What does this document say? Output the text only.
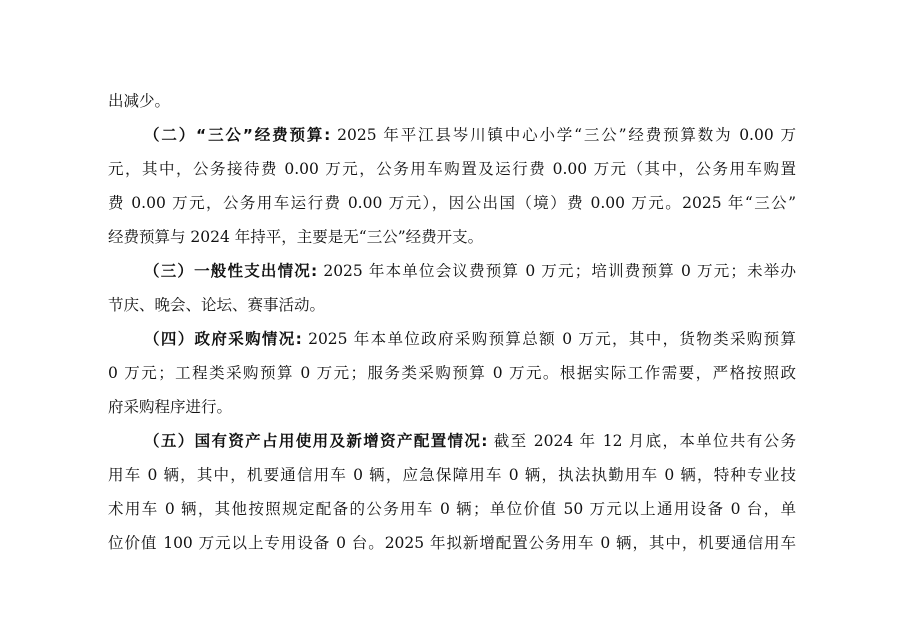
出减少。
（二）“三公”经费预算: 2025 年平江县岑川镇中心小学“三公”经费预算数为 0.00 万
元，其中，公务接待费 0.00 万元，公务用车购置及运行费 0.00 万元（其中，公务用车购置
费 0.00 万元，公务用车运行费 0.00 万元），因公出国（境）费 0.00 万元。2025 年“三公”
经费预算与 2024 年持平，主要是无“三公”经费开支。
（三）一般性支出情况: 2025 年本单位会议费预算 0 万元；培训费预算 0 万元；未举办
节庆、晚会、论坛、赛事活动。
（四）政府采购情况: 2025 年本单位政府采购预算总额 0 万元，其中，货物类采购预算
0 万元；工程类采购预算 0 万元；服务类采购预算 0 万元。根据实际工作需要，严格按照政
府采购程序进行。
（五）国有资产占用使用及新增资产配置情况: 截至 2024 年 12 月底，本单位共有公务
用车 0 辆，其中，机要通信用车 0 辆，应急保障用车 0 辆，执法执勤用车 0 辆，特种专业技
术用车 0 辆，其他按照规定配备的公务用车 0 辆；单位价值 50 万元以上通用设备 0 台，单
位价值 100 万元以上专用设备 0 台。2025 年拟新增配置公务用车 0 辆，其中，机要通信用车
